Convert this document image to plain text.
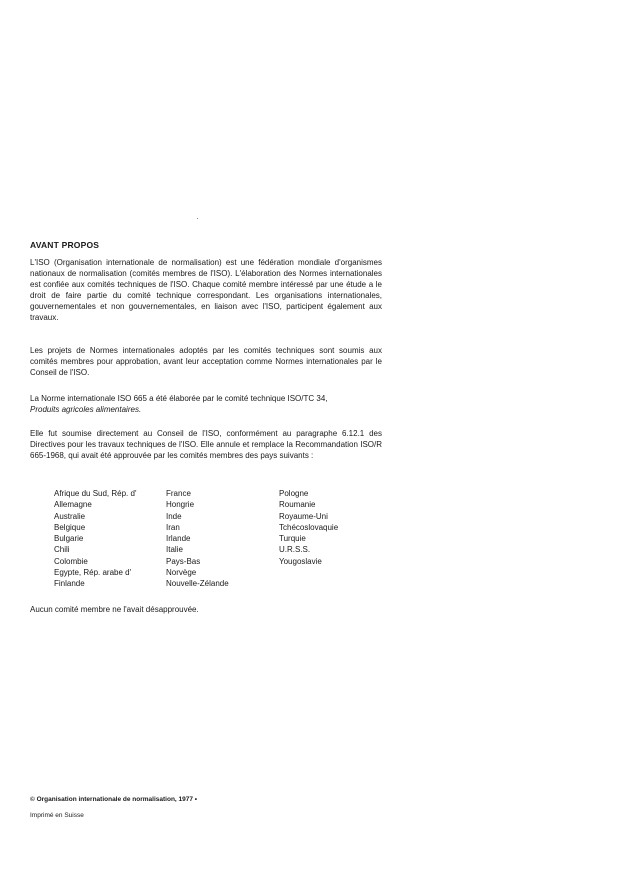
AVANT PROPOS

L'ISO (Organisation internationale de normalisation) est une fédération mondiale d'organismes nationaux de normalisation (comités membres de l'ISO). L'élaboration des Normes internationales est confiée aux comités techniques de l'ISO. Chaque comité membre intéressé par une étude a le droit de faire partie du comité technique correspondant. Les organisations internationales, gouvernementales et non gouvernementales, en liaison avec l'ISO, participent également aux travaux.

Les projets de Normes internationales adoptés par les comités techniques sont soumis aux comités membres pour approbation, avant leur acceptation comme Normes internationales par le Conseil de l'ISO.

La Norme internationale ISO 665 a été élaborée par le comité technique ISO/TC 34,
Produits agricoles alimentaires.

Elle fut soumise directement au Conseil de l'ISO, conformément au paragraphe 6.12.1 des Directives pour les travaux techniques de l'ISO. Elle annule et remplace la Recommandation ISO/R 665-1968, qui avait été approuvée par les comités membres des pays suivants :

Afrique du Sud, Rép. d'
Allemagne
Australie
Belgique
Bulgarie
Chili
Colombie
Egypte, Rép. arabe d'
Finlande
France
Hongrie
Inde
Iran
Irlande
Italie
Pays-Bas
Norvège
Nouvelle-Zélande
Pologne
Roumanie
Royaume-Uni
Tchécoslovaquie
Turquie
U.R.S.S.
Yougoslavie

Aucun comité membre ne l'avait désapprouvée.

© Organisation internationale de normalisation, 1977 •

Imprimé en Suisse
